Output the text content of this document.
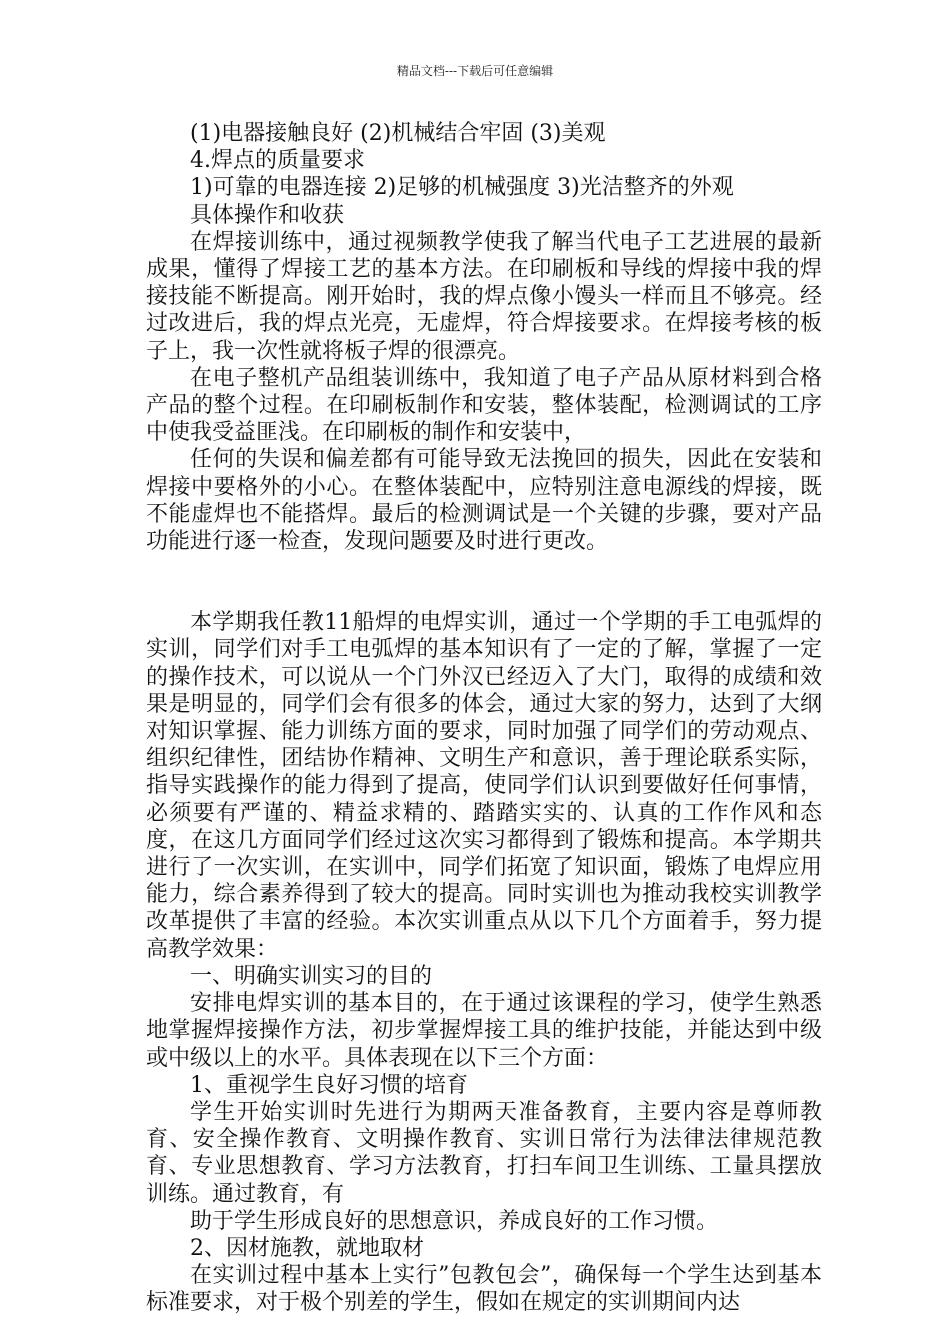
精品文档---下载后可任意编辑

(1)电器接触良好 (2)机械结合牢固 (3)美观

4.焊点的质量要求

1)可靠的电器连接 2)足够的机械强度 3)光洁整齐的外观

具体操作和收获

在焊接训练中，通过视频教学使我了解当代电子工艺进展的最新成果，懂得了焊接工艺的基本方法。在印刷板和导线的焊接中我的焊接技能不断提高。刚开始时，我的焊点像小馒头一样而且不够亮。经过改进后，我的焊点光亮，无虚焊，符合焊接要求。在焊接考核的板子上，我一次性就将板子焊的很漂亮。

在电子整机产品组装训练中，我知道了电子产品从原材料到合格产品的整个过程。在印刷板制作和安装，整体装配，检测调试的工序中使我受益匪浅。在印刷板的制作和安装中，

任何的失误和偏差都有可能导致无法挽回的损失，因此在安装和焊接中要格外的小心。在整体装配中，应特别注意电源线的焊接，既不能虚焊也不能搭焊。最后的检测调试是一个关键的步骤，要对产品功能进行逐一检查，发现问题要及时进行更改。

本学期我任教11船焊的电焊实训，通过一个学期的手工电弧焊的实训，同学们对手工电弧焊的基本知识有了一定的了解，掌握了一定的操作技术，可以说从一个门外汉已经迈入了大门，取得的成绩和效果是明显的，同学们会有很多的体会，通过大家的努力，达到了大纲对知识掌握、能力训练方面的要求，同时加强了同学们的劳动观点、组织纪律性，团结协作精神、文明生产和意识，善于理论联系实际，指导实践操作的能力得到了提高，使同学们认识到要做好任何事情，必须要有严谨的、精益求精的、踏踏实实的、认真的工作作风和态度，在这几方面同学们经过这次实习都得到了锻炼和提高。本学期共进行了一次实训，在实训中，同学们拓宽了知识面，锻炼了电焊应用能力，综合素养得到了较大的提高。同时实训也为推动我校实训教学改革提供了丰富的经验。本次实训重点从以下几个方面着手，努力提高教学效果：

一、明确实训实习的目的

安排电焊实训的基本目的，在于通过该课程的学习，使学生熟悉地掌握焊接操作方法，初步掌握焊接工具的维护技能，并能达到中级或中级以上的水平。具体表现在以下三个方面：

1、重视学生良好习惯的培育

学生开始实训时先进行为期两天准备教育，主要内容是尊师教育、安全操作教育、文明操作教育、实训日常行为法律法律规范教育、专业思想教育、学习方法教育，打扫车间卫生训练、工量具摆放训练。通过教育，有

助于学生形成良好的思想意识，养成良好的工作习惯。

2、因材施教，就地取材

在实训过程中基本上实行”包教包会”，确保每一个学生达到基本标准要求，对于极个别差的学生，假如在规定的实训期间内达
